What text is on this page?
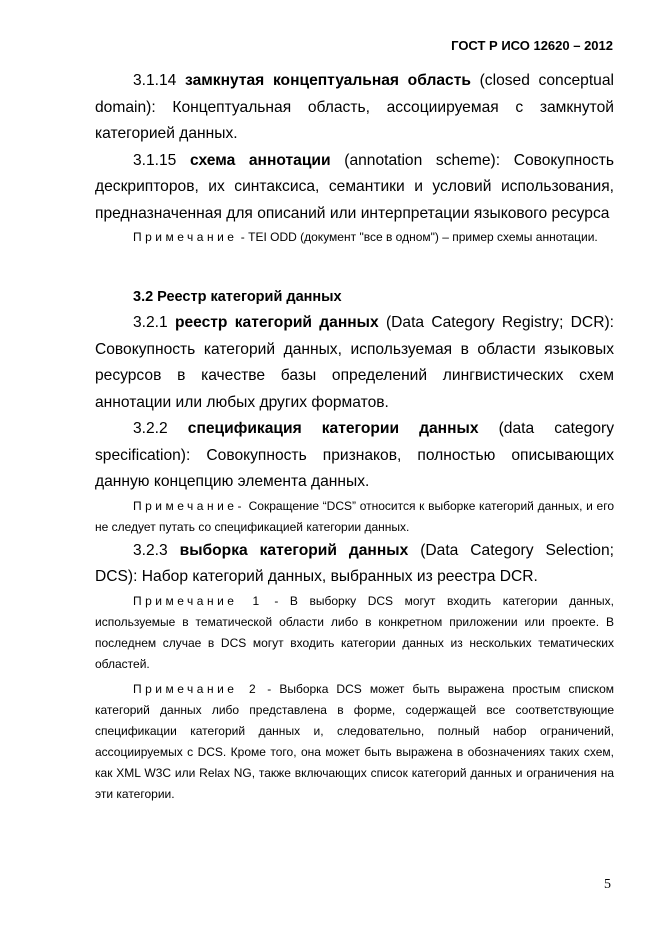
ГОСТ Р ИСО 12620 – 2012

3.1.14 замкнутая концептуальная область (closed conceptual domain): Концептуальная область, ассоциируемая с замкнутой категорией данных.

3.1.15 схема аннотации (annotation scheme): Совокупность дескрипторов, их синтаксиса, семантики и условий использования, предназначенная для описаний или интерпретации языкового ресурса

Примечание - TEI ODD (документ "все в одном") – пример схемы аннотации.

3.2 Реестр категорий данных

3.2.1 реестр категорий данных (Data Category Registry; DCR): Совокупность категорий данных, используемая в области языковых ресурсов в качестве базы определений лингвистических схем аннотации или любых других форматов.

3.2.2 спецификация категории данных (data category specification): Совокупность признаков, полностью описывающих данную концепцию элемента данных.

Примечание- Сокращение “DCS” относится к выборке категорий данных, и его не следует путать со спецификацией категории данных.

3.2.3 выборка категорий данных (Data Category Selection; DCS): Набор категорий данных, выбранных из реестра DCR.

Примечание 1 - В выборку DCS могут входить категории данных, используемые в тематической области либо в конкретном приложении или проекте. В последнем случае в DCS могут входить категории данных из нескольких тематических областей.

Примечание 2 - Выборка DCS может быть выражена простым списком категорий данных либо представлена в форме, содержащей все соответствующие спецификации категорий данных и, следовательно, полный набор ограничений, ассоциируемых с DCS. Кроме того, она может быть выражена в обозначениях таких схем, как XML W3C или Relax NG, также включающих список категорий данных и ограничения на эти категории.

5
